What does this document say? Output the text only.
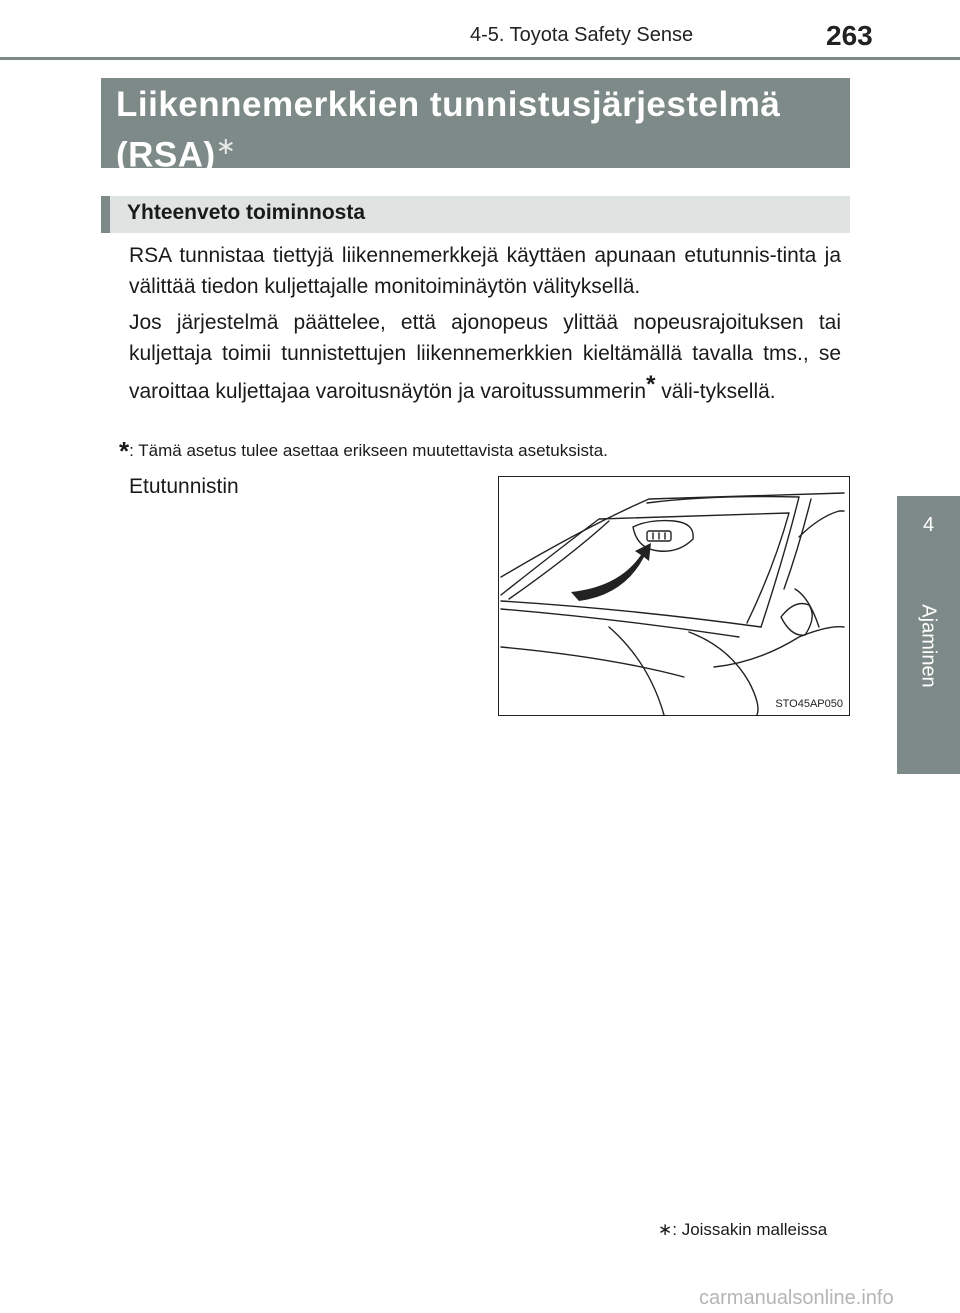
4-5. Toyota Safety Sense	263
4
Ajaminen
Liikennemerkkien tunnistusjärjestelmä
(RSA)∗
Yhteenveto toiminnosta
RSA tunnistaa tiettyjä liikennemerkkejä käyttäen apunaan etutunnis-tinta ja välittää tiedon kuljettajalle monitoiminäytön välityksellä.
Jos järjestelmä päättelee, että ajonopeus ylittää nopeusrajoituksen tai kuljettaja toimii tunnistettujen liikennemerkkien kieltämällä tavalla tms., se varoittaa kuljettajaa varoitusnäytön ja varoitussummerin* väli-tyksellä.
*: Tämä asetus tulee asettaa erikseen muutettavista asetuksista.
Etutunnistin
STO45AP050
∗: Joissakin malleissa
carmanualsonline.info
